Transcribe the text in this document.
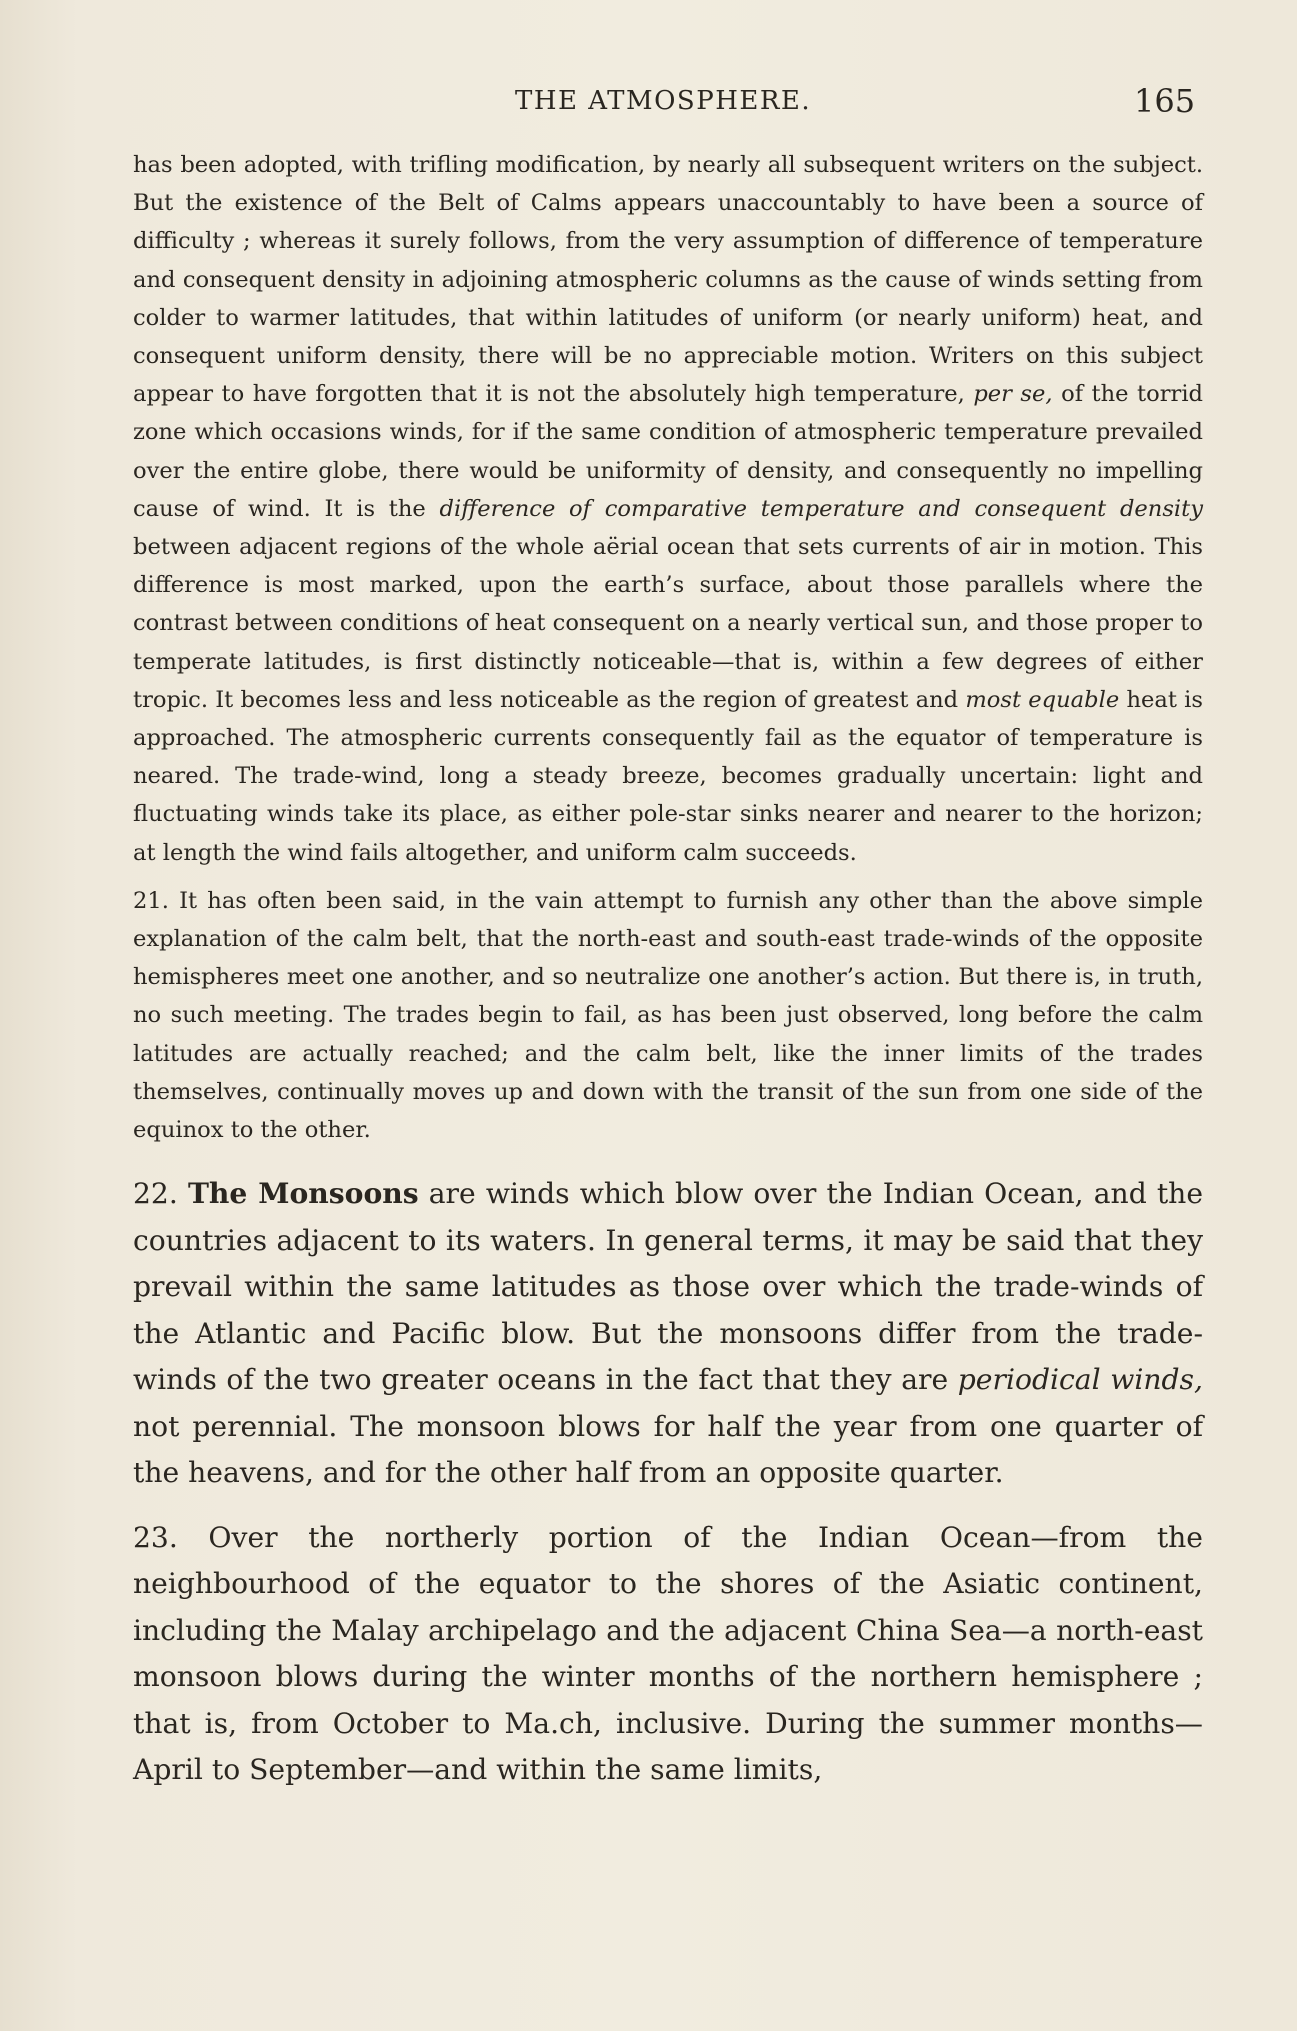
THE ATMOSPHERE.	165

has been adopted, with trifling modification, by nearly all subsequent writers on the subject. But the existence of the Belt of Calms appears unaccountably to have been a source of difficulty ; whereas it surely follows, from the very assumption of difference of temperature and consequent density in adjoining atmospheric columns as the cause of winds setting from colder to warmer latitudes, that within latitudes of uniform (or nearly uniform) heat, and consequent uniform density, there will be no appreciable motion. Writers on this subject appear to have forgotten that it is not the absolutely high temperature, per se, of the torrid zone which occasions winds, for if the same condition of atmospheric temperature prevailed over the entire globe, there would be uniformity of density, and consequently no impelling cause of wind. It is the difference of comparative temperature and consequent density between adjacent regions of the whole aërial ocean that sets currents of air in motion. This difference is most marked, upon the earth’s surface, about those parallels where the contrast between conditions of heat consequent on a nearly vertical sun, and those proper to temperate latitudes, is first distinctly noticeable—that is, within a few degrees of either tropic. It becomes less and less noticeable as the region of greatest and most equable heat is approached. The atmospheric currents consequently fail as the equator of temperature is neared. The trade-wind, long a steady breeze, becomes gradually uncertain: light and fluctuating winds take its place, as either pole-star sinks nearer and nearer to the horizon; at length the wind fails altogether, and uniform calm succeeds.

21. It has often been said, in the vain attempt to furnish any other than the above simple explanation of the calm belt, that the north-east and south-east trade-winds of the opposite hemispheres meet one another, and so neutralize one another’s action. But there is, in truth, no such meeting. The trades begin to fail, as has been just observed, long before the calm latitudes are actually reached; and the calm belt, like the inner limits of the trades themselves, continually moves up and down with the transit of the sun from one side of the equinox to the other.

22. The Monsoons are winds which blow over the Indian Ocean, and the countries adjacent to its waters. In general terms, it may be said that they prevail within the same latitudes as those over which the trade-winds of the Atlantic and Pacific blow. But the monsoons differ from the trade-winds of the two greater oceans in the fact that they are periodical winds, not perennial. The monsoon blows for half the year from one quarter of the heavens, and for the other half from an opposite quarter.

23. Over the northerly portion of the Indian Ocean—from the neighbourhood of the equator to the shores of the Asiatic continent, including the Malay archipelago and the adjacent China Sea—a north-east monsoon blows during the winter months of the northern hemisphere ; that is, from October to Ma.ch, inclusive. During the summer months—April to September—and within the same limits,
